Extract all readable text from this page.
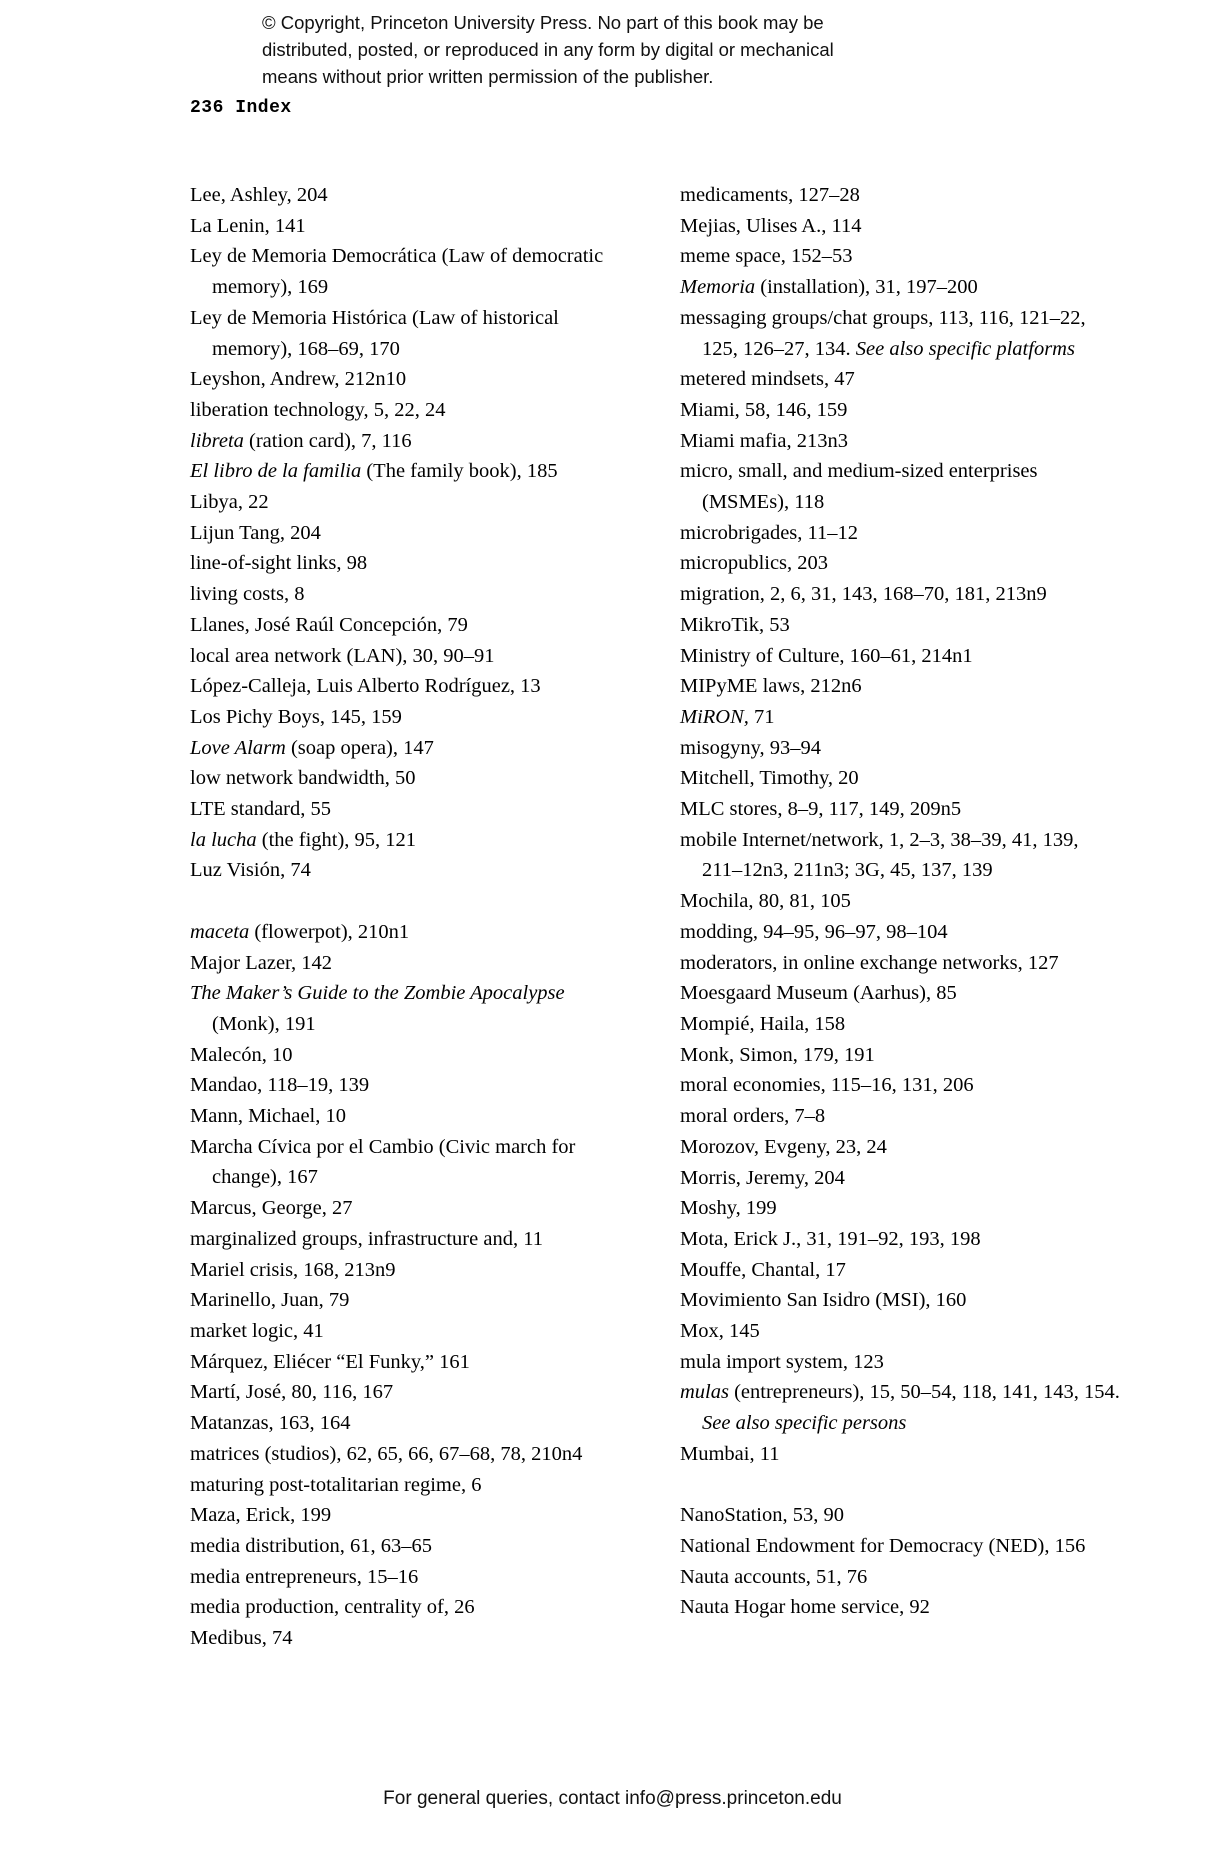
© Copyright, Princeton University Press. No part of this book may be
distributed, posted, or reproduced in any form by digital or mechanical
means without prior written permission of the publisher.
236 Index

Lee, Ashley, 204

La Lenin, 141

Ley de Memoria Democrática (Law of democratic memory), 169

Ley de Memoria Histórica (Law of historical memory), 168–69, 170

Leyshon, Andrew, 212n10

liberation technology, 5, 22, 24

libreta (ration card), 7, 116

El libro de la familia (The family book), 185

Libya, 22

Lijun Tang, 204

line-of-sight links, 98

living costs, 8

Llanes, José Raúl Concepción, 79

local area network (LAN), 30, 90–91

López-Calleja, Luis Alberto Rodríguez, 13

Los Pichy Boys, 145, 159

Love Alarm (soap opera), 147

low network bandwidth, 50

LTE standard, 55

la lucha (the fight), 95, 121

Luz Visión, 74

maceta (flowerpot), 210n1

Major Lazer, 142

The Maker’s Guide to the Zombie Apocalypse (Monk), 191

Malecón, 10

Mandao, 118–19, 139

Mann, Michael, 10

Marcha Cívica por el Cambio (Civic march for change), 167

Marcus, George, 27

marginalized groups, infrastructure and, 11

Mariel crisis, 168, 213n9

Marinello, Juan, 79

market logic, 41

Márquez, Eliécer “El Funky,” 161

Martí, José, 80, 116, 167

Matanzas, 163, 164

matrices (studios), 62, 65, 66, 67–68, 78, 210n4

maturing post-totalitarian regime, 6

Maza, Erick, 199

media distribution, 61, 63–65

media entrepreneurs, 15–16

media production, centrality of, 26

Medibus, 74

medicaments, 127–28

Mejias, Ulises A., 114

meme space, 152–53

Memoria (installation), 31, 197–200

messaging groups/chat groups, 113, 116, 121–22, 125, 126–27, 134. See also specific platforms

metered mindsets, 47

Miami, 58, 146, 159

Miami mafia, 213n3

micro, small, and medium-sized enterprises (MSMEs), 118

microbrigades, 11–12

micropublics, 203

migration, 2, 6, 31, 143, 168–70, 181, 213n9

MikroTik, 53

Ministry of Culture, 160–61, 214n1

MIPyME laws, 212n6

MiRON, 71

misogyny, 93–94

Mitchell, Timothy, 20

MLC stores, 8–9, 117, 149, 209n5

mobile Internet/network, 1, 2–3, 38–39, 41, 139, 211–12n3, 211n3; 3G, 45, 137, 139

Mochila, 80, 81, 105

modding, 94–95, 96–97, 98–104

moderators, in online exchange networks, 127

Moesgaard Museum (Aarhus), 85

Mompié, Haila, 158

Monk, Simon, 179, 191

moral economies, 115–16, 131, 206

moral orders, 7–8

Morozov, Evgeny, 23, 24

Morris, Jeremy, 204

Moshy, 199

Mota, Erick J., 31, 191–92, 193, 198

Mouffe, Chantal, 17

Movimiento San Isidro (MSI), 160

Mox, 145

mula import system, 123

mulas (entrepreneurs), 15, 50–54, 118, 141, 143, 154. See also specific persons

Mumbai, 11

NanoStation, 53, 90

National Endowment for Democracy (NED), 156

Nauta accounts, 51, 76

Nauta Hogar home service, 92

For general queries, contact info@press.princeton.edu
